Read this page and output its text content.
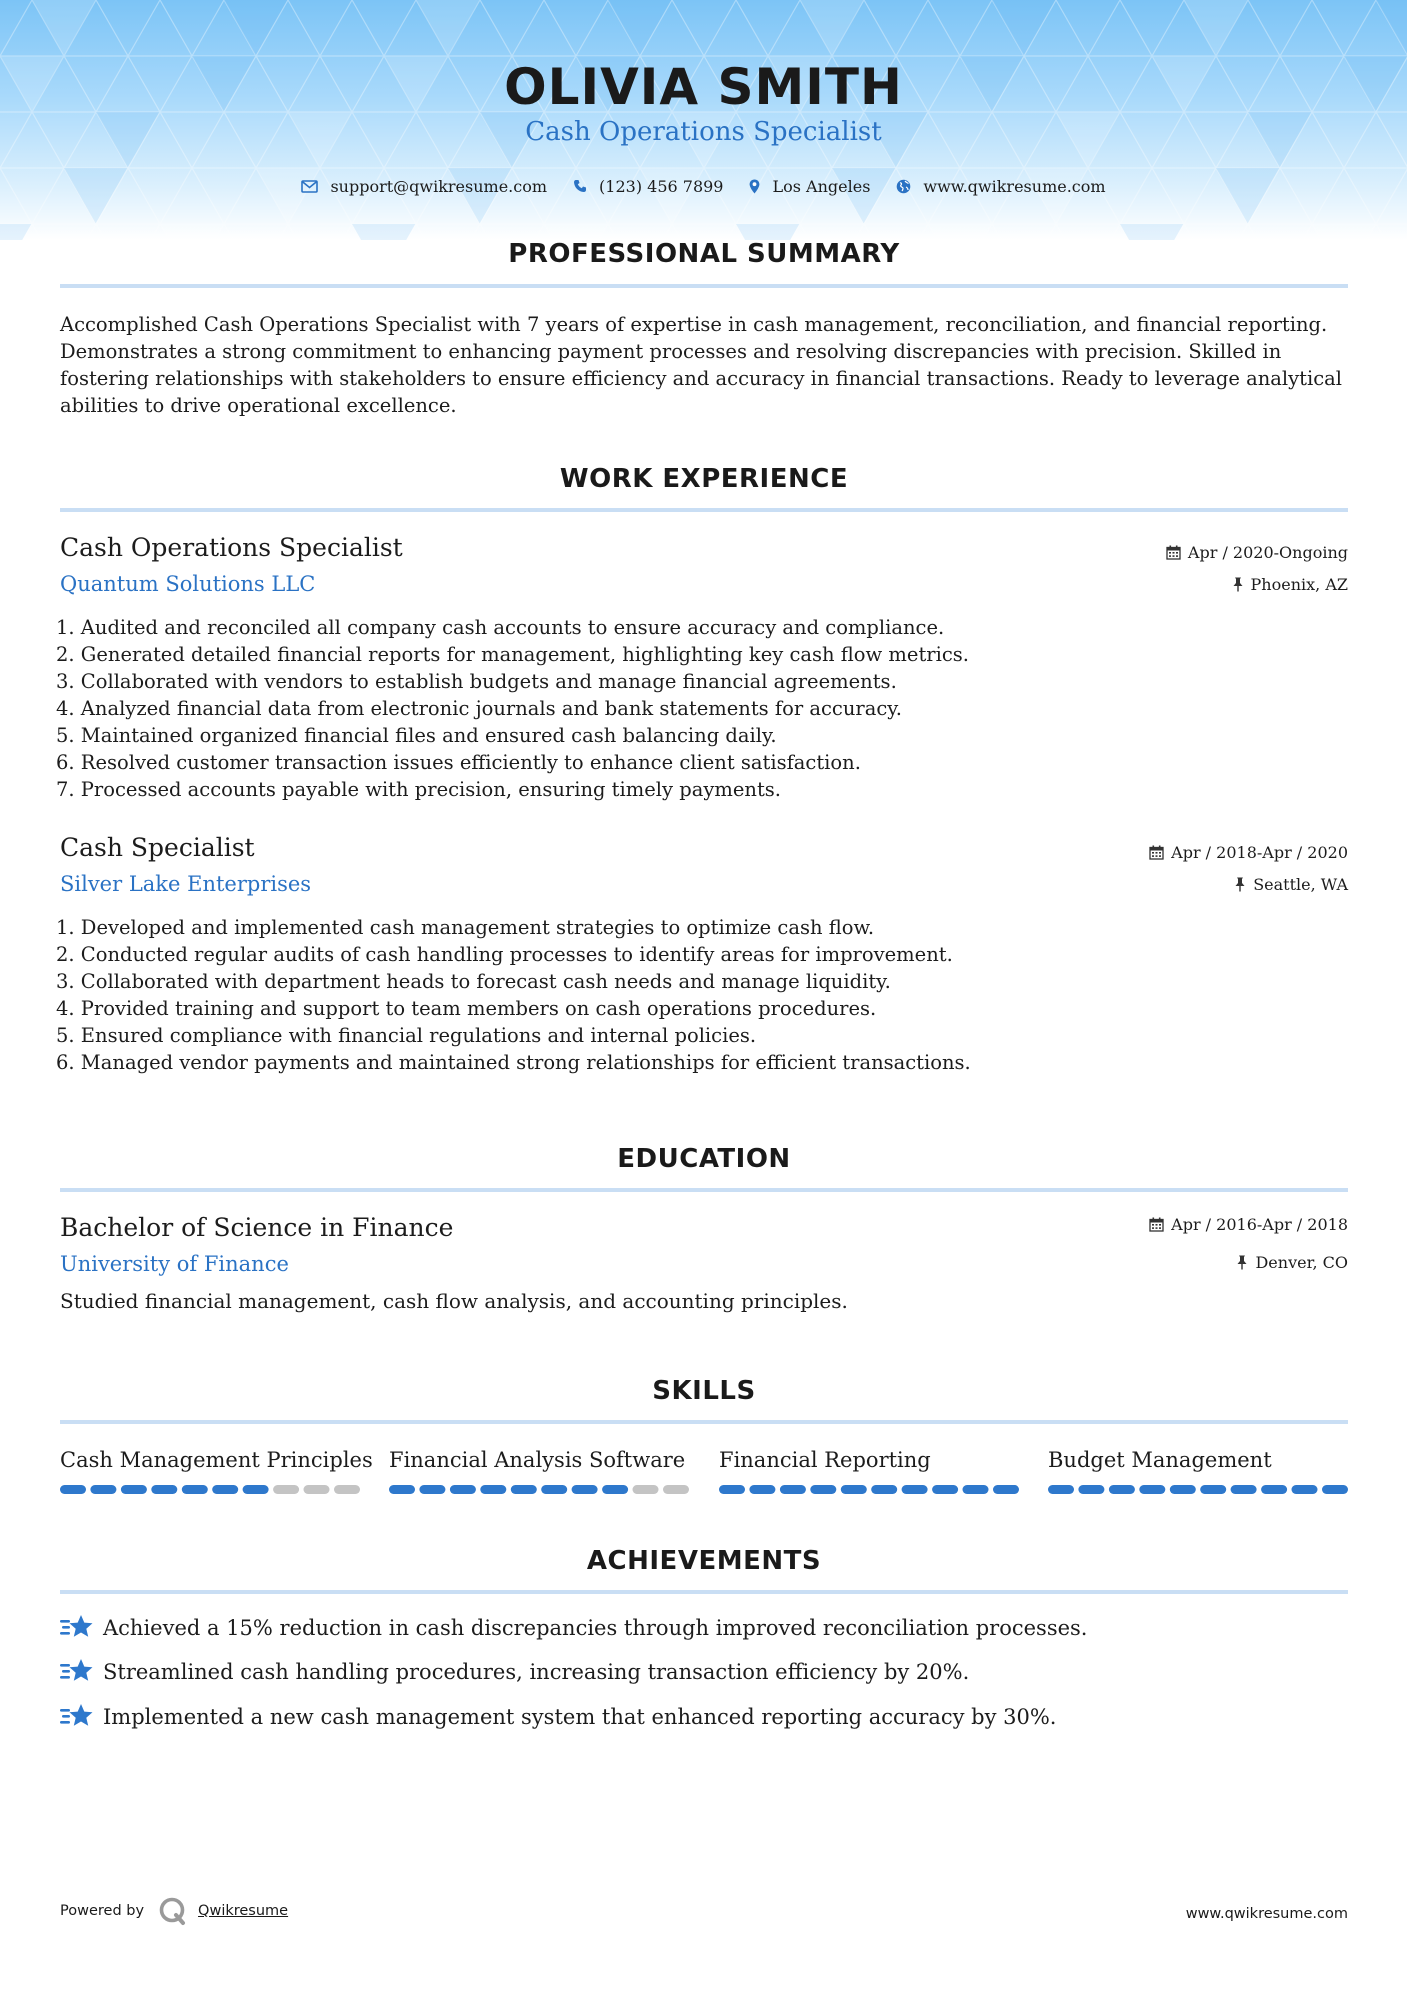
OLIVIA SMITH
Cash Operations Specialist
support@qwikresume.com	(123) 456 7899	Los Angeles	www.qwikresume.com
PROFESSIONAL SUMMARY
Accomplished Cash Operations Specialist with 7 years of expertise in cash management, reconciliation, and financial reporting. Demonstrates a strong commitment to enhancing payment processes and resolving discrepancies with precision. Skilled in fostering relationships with stakeholders to ensure efficiency and accuracy in financial transactions. Ready to leverage analytical abilities to drive operational excellence.
WORK EXPERIENCE
Cash Operations Specialist
Quantum Solutions LLC
Apr / 2020-Ongoing
Phoenix, AZ
1. Audited and reconciled all company cash accounts to ensure accuracy and compliance.
2. Generated detailed financial reports for management, highlighting key cash flow metrics.
3. Collaborated with vendors to establish budgets and manage financial agreements.
4. Analyzed financial data from electronic journals and bank statements for accuracy.
5. Maintained organized financial files and ensured cash balancing daily.
6. Resolved customer transaction issues efficiently to enhance client satisfaction.
7. Processed accounts payable with precision, ensuring timely payments.
Cash Specialist
Silver Lake Enterprises
Apr / 2018-Apr / 2020
Seattle, WA
1. Developed and implemented cash management strategies to optimize cash flow.
2. Conducted regular audits of cash handling processes to identify areas for improvement.
3. Collaborated with department heads to forecast cash needs and manage liquidity.
4. Provided training and support to team members on cash operations procedures.
5. Ensured compliance with financial regulations and internal policies.
6. Managed vendor payments and maintained strong relationships for efficient transactions.
EDUCATION
Bachelor of Science in Finance
University of Finance
Apr / 2016-Apr / 2018
Denver, CO
Studied financial management, cash flow analysis, and accounting principles.
SKILLS
Cash Management Principles Financial Analysis Software Financial Reporting	Budget Management
ACHIEVEMENTS
Achieved a 15% reduction in cash discrepancies through improved reconciliation processes.
Streamlined cash handling procedures, increasing transaction efficiency by 20%.
Implemented a new cash management system that enhanced reporting accuracy by 30%.
Powered by	Qwikresume	www.qwikresume.com
